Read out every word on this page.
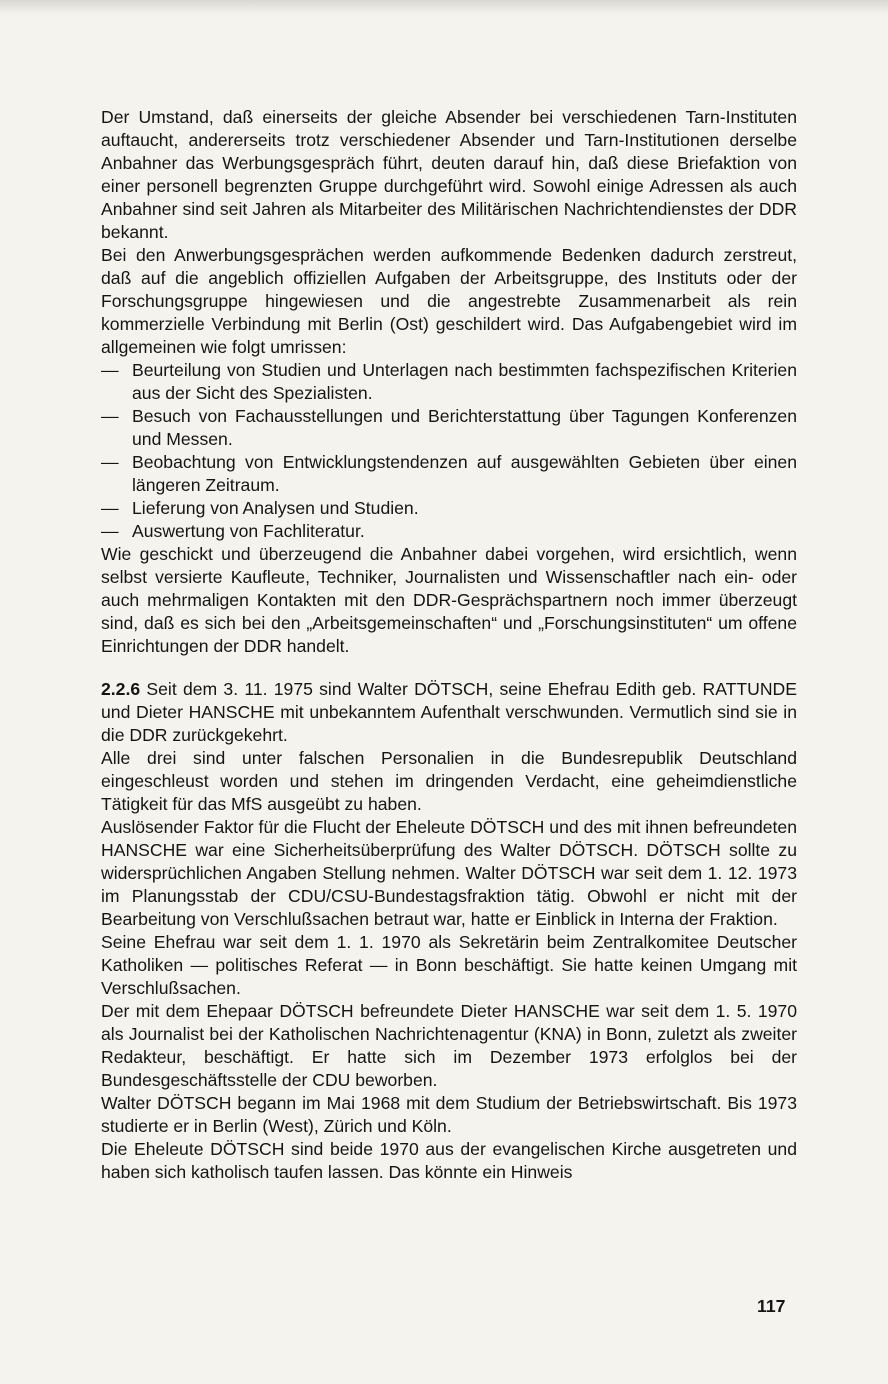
Der Umstand, daß einerseits der gleiche Absender bei verschiedenen Tarn-Instituten auftaucht, andererseits trotz verschiedener Absender und Tarn-Institutionen derselbe Anbahner das Werbungsgespräch führt, deuten darauf hin, daß diese Briefaktion von einer personell begrenzten Gruppe durchgeführt wird. Sowohl einige Adressen als auch Anbahner sind seit Jahren als Mitarbeiter des Militärischen Nachrichtendienstes der DDR bekannt.

Bei den Anwerbungsgesprächen werden aufkommende Bedenken dadurch zerstreut, daß auf die angeblich offiziellen Aufgaben der Arbeitsgruppe, des Instituts oder der Forschungsgruppe hingewiesen und die angestrebte Zusammenarbeit als rein kommerzielle Verbindung mit Berlin (Ost) geschildert wird. Das Aufgabengebiet wird im allgemeinen wie folgt umrissen:

— Beurteilung von Studien und Unterlagen nach bestimmten fachspezifischen Kriterien aus der Sicht des Spezialisten.
— Besuch von Fachausstellungen und Berichterstattung über Tagungen Konferenzen und Messen.
— Beobachtung von Entwicklungstendenzen auf ausgewählten Gebieten über einen längeren Zeitraum.
— Lieferung von Analysen und Studien.
— Auswertung von Fachliteratur.

Wie geschickt und überzeugend die Anbahner dabei vorgehen, wird ersichtlich, wenn selbst versierte Kaufleute, Techniker, Journalisten und Wissenschaftler nach ein- oder auch mehrmaligen Kontakten mit den DDR-Gesprächspartnern noch immer überzeugt sind, daß es sich bei den „Arbeitsgemeinschaften“ und „Forschungsinstituten“ um offene Einrichtungen der DDR handelt.

2.2.6 Seit dem 3. 11. 1975 sind Walter DÖTSCH, seine Ehefrau Edith geb. RATTUNDE und Dieter HANSCHE mit unbekanntem Aufenthalt verschwunden. Vermutlich sind sie in die DDR zurückgekehrt.

Alle drei sind unter falschen Personalien in die Bundesrepublik Deutschland eingeschleust worden und stehen im dringenden Verdacht, eine geheimdienstliche Tätigkeit für das MfS ausgeübt zu haben.

Auslösender Faktor für die Flucht der Eheleute DÖTSCH und des mit ihnen befreundeten HANSCHE war eine Sicherheitsüberprüfung des Walter DÖTSCH. DÖTSCH sollte zu widersprüchlichen Angaben Stellung nehmen. Walter DÖTSCH war seit dem 1. 12. 1973 im Planungsstab der CDU/CSU-Bundestagsfraktion tätig. Obwohl er nicht mit der Bearbeitung von Verschlußsachen betraut war, hatte er Einblick in Interna der Fraktion.

Seine Ehefrau war seit dem 1. 1. 1970 als Sekretärin beim Zentralkomitee Deutscher Katholiken — politisches Referat — in Bonn beschäftigt. Sie hatte keinen Umgang mit Verschlußsachen.

Der mit dem Ehepaar DÖTSCH befreundete Dieter HANSCHE war seit dem 1. 5. 1970 als Journalist bei der Katholischen Nachrichtenagentur (KNA) in Bonn, zuletzt als zweiter Redakteur, beschäftigt. Er hatte sich im Dezember 1973 erfolglos bei der Bundesgeschäftsstelle der CDU beworben.

Walter DÖTSCH begann im Mai 1968 mit dem Studium der Betriebswirtschaft. Bis 1973 studierte er in Berlin (West), Zürich und Köln.

Die Eheleute DÖTSCH sind beide 1970 aus der evangelischen Kirche ausgetreten und haben sich katholisch taufen lassen. Das könnte ein Hinweis

117
